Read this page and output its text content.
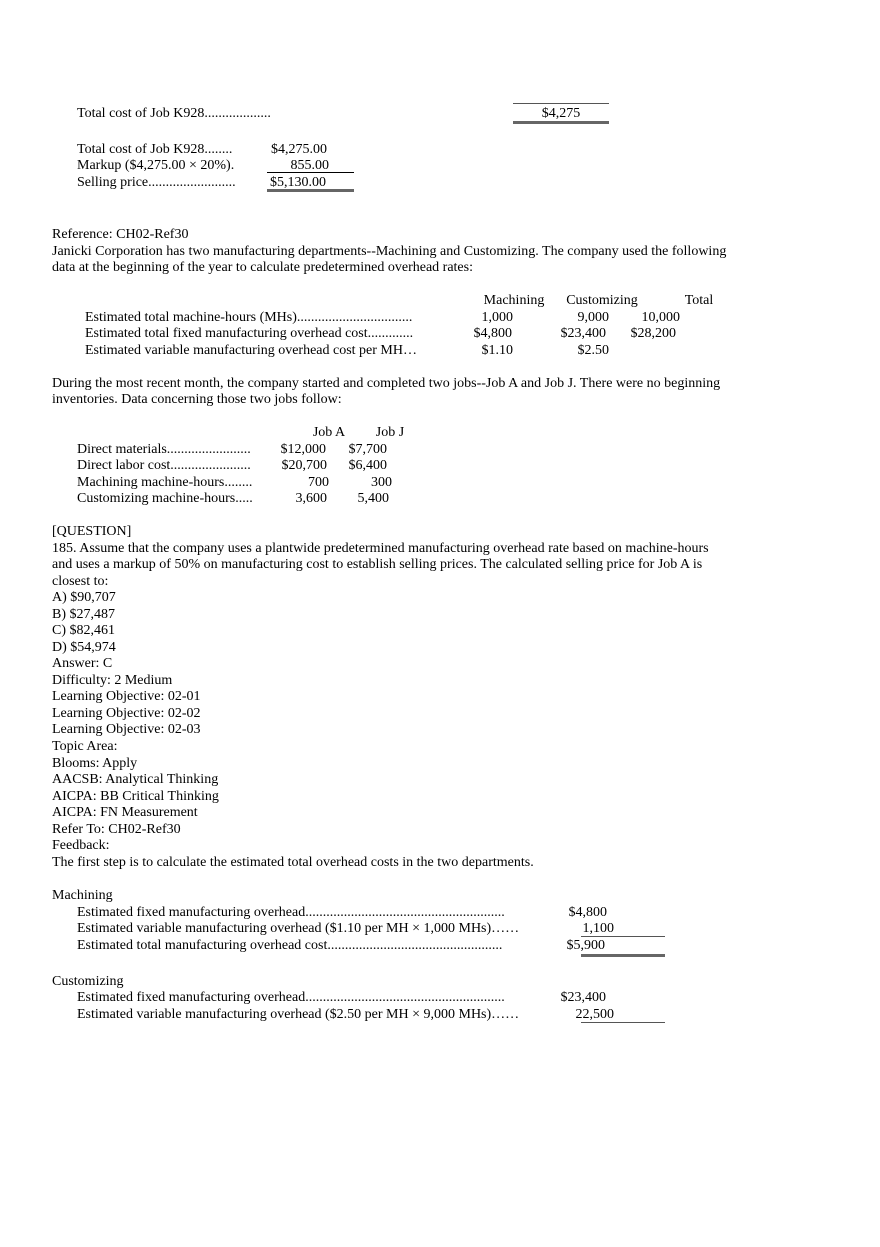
Total cost of Job K928...................	$4,275
Total cost of Job K928........	$4,275.00
Markup ($4,275.00 × 20%).	855.00
Selling price.........................	$5,130.00
Reference: CH02-Ref30
Janicki Corporation has two manufacturing departments--Machining and Customizing. The company used the following
data at the beginning of the year to calculate predetermined overhead rates:
Machining	Customizing	Total
Estimated total machine-hours (MHs).................................	1,000	9,000	10,000
Estimated total fixed manufacturing overhead cost.............	$4,800	$23,400	$28,200
Estimated variable manufacturing overhead cost per MH…	$1.10	$2.50
During the most recent month, the company started and completed two jobs--Job A and Job J. There were no beginning
inventories. Data concerning those two jobs follow:
Job A	Job J
Direct materials........................	$12,000	$7,700
Direct labor cost.......................	$20,700	$6,400
Machining machine-hours........	700	300
Customizing machine-hours.....	3,600	5,400
[QUESTION]
185. Assume that the company uses a plantwide predetermined manufacturing overhead rate based on machine-hours
and uses a markup of 50% on manufacturing cost to establish selling prices. The calculated selling price for Job A is
closest to:
A) $90,707
B) $27,487
C) $82,461
D) $54,974
Answer: C
Difficulty: 2 Medium
Learning Objective: 02-01
Learning Objective: 02-02
Learning Objective: 02-03
Topic Area:
Blooms: Apply
AACSB: Analytical Thinking
AICPA: BB Critical Thinking
AICPA: FN Measurement
Refer To: CH02-Ref30
Feedback:
The first step is to calculate the estimated total overhead costs in the two departments.
Machining
Estimated fixed manufacturing overhead.........................................................	$4,800
Estimated variable manufacturing overhead ($1.10 per MH × 1,000 MHs)……	1,100
Estimated total manufacturing overhead cost..................................................	$5,900
Customizing
Estimated fixed manufacturing overhead.........................................................	$23,400
Estimated variable manufacturing overhead ($2.50 per MH × 9,000 MHs)……	22,500
